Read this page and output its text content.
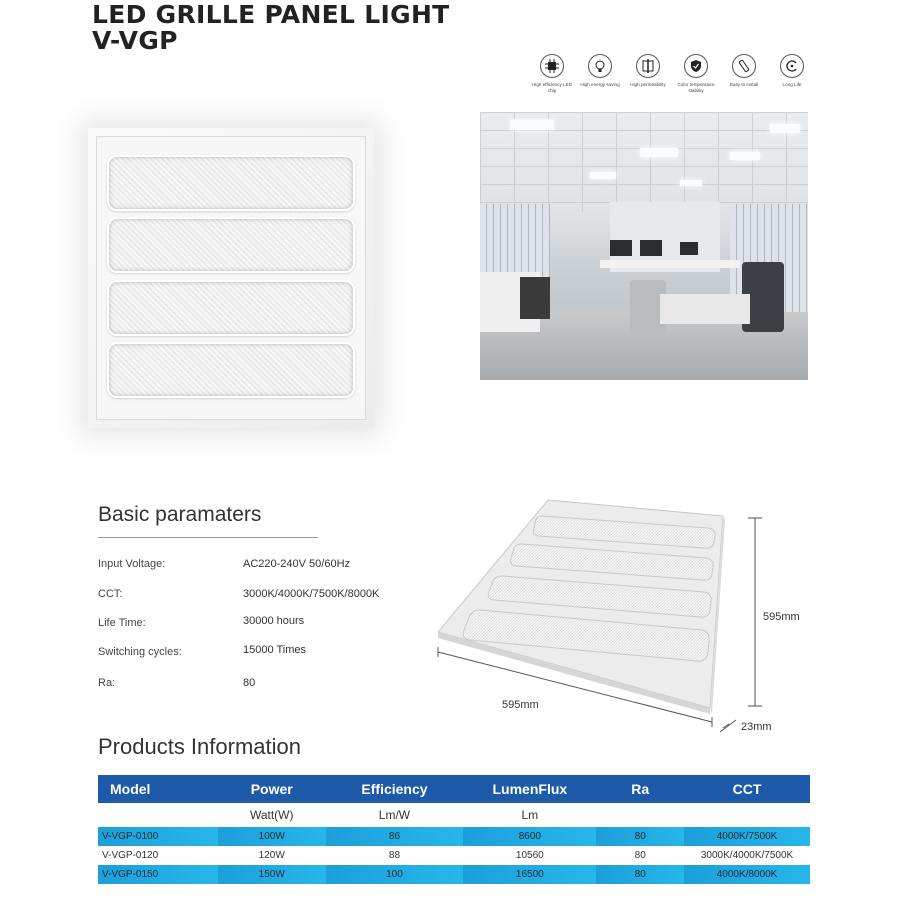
LED GRILLE PANEL LIGHT
V-VGP
High efficiency LED chip
High energy saving	High permeability	Color temperature stability
Easy to install	Long Life
Basic paramaters
Input Voltage:	AC220-240V 50/60Hz
CCT:	3000K/4000K/7500K/8000K
Life Time:	30000 hours
Switching cycles:	15000 Times
Ra:	80
595mm
595mm
23mm
Products Information
Model	Power	Efficiency	LumenFlux	Ra	CCT
	Watt(W)	Lm/W	Lm		
V-VGP-0100	100W	86	8600	80	4000K/7500K
V-VGP-0120	120W	88	10560	80	3000K/4000K/7500K
V-VGP-0150	150W	100	16500	80	4000K/8000K
